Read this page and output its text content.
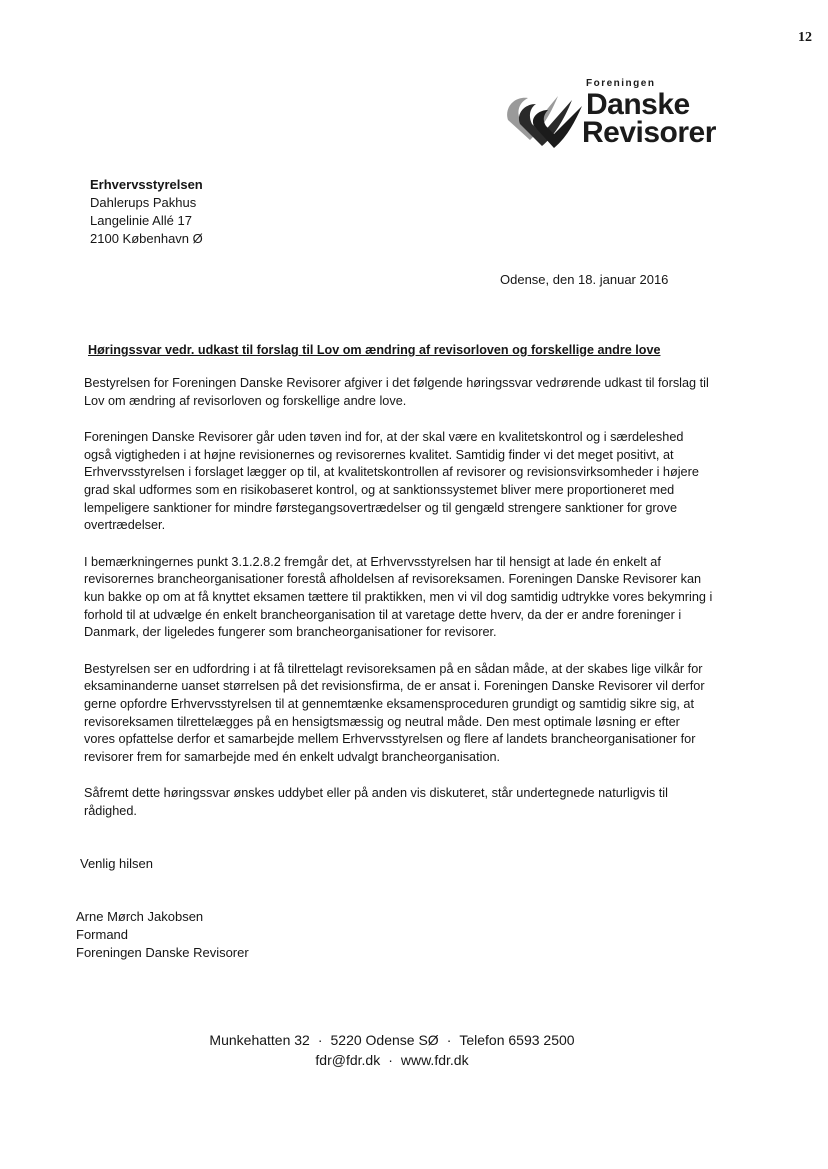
12
Foreningen
Danske
Revisorer
Erhvervsstyrelsen
Dahlerups Pakhus
Langelinie Allé 17
2100 København Ø
Odense, den 18. januar 2016
Høringssvar vedr. udkast til forslag til Lov om ændring af revisorloven og forskellige andre love

Bestyrelsen for Foreningen Danske Revisorer afgiver i det følgende høringssvar vedrørende udkast til forslag til Lov om ændring af revisorloven og forskellige andre love.

Foreningen Danske Revisorer går uden tøven ind for, at der skal være en kvalitetskontrol og i særdeleshed også vigtigheden i at højne revisionernes og revisorernes kvalitet. Samtidig finder vi det meget positivt, at Erhvervsstyrelsen i forslaget lægger op til, at kvalitetskontrollen af revisorer og revisionsvirksomheder i højere grad skal udformes som en risikobaseret kontrol, og at sanktionssystemet bliver mere proportioneret med lempeligere sanktioner for mindre førstegangsovertrædelser og til gengæld strengere sanktioner for grove overtrædelser.

I bemærkningernes punkt 3.1.2.8.2 fremgår det, at Erhvervsstyrelsen har til hensigt at lade én enkelt af revisorernes brancheorganisationer forestå afholdelsen af revisoreksamen. Foreningen Danske Revisorer kan kun bakke op om at få knyttet eksamen tættere til praktikken, men vi vil dog samtidig udtrykke vores bekymring i forhold til at udvælge én enkelt brancheorganisation til at varetage dette hverv, da der er andre foreninger i Danmark, der ligeledes fungerer som brancheorganisationer for revisorer.

Bestyrelsen ser en udfordring i at få tilrettelagt revisoreksamen på en sådan måde, at der skabes lige vilkår for eksaminanderne uanset størrelsen på det revisionsfirma, de er ansat i. Foreningen Danske Revisorer vil derfor gerne opfordre Erhvervsstyrelsen til at gennemtænke eksamensproceduren grundigt og samtidig sikre sig, at revisoreksamen tilrettelægges på en hensigtsmæssig og neutral måde. Den mest optimale løsning er efter vores opfattelse derfor et samarbejde mellem Erhvervsstyrelsen og flere af landets brancheorganisationer for revisorer frem for samarbejde med én enkelt udvalgt brancheorganisation.

Såfremt dette høringssvar ønskes uddybet eller på anden vis diskuteret, står undertegnede naturligvis til rådighed.

Venlig hilsen
Arne Mørch Jakobsen
Formand
Foreningen Danske Revisorer
Munkehatten 32 · 5220 Odense SØ · Telefon 6593 2500
fdr@fdr.dk · www.fdr.dk
